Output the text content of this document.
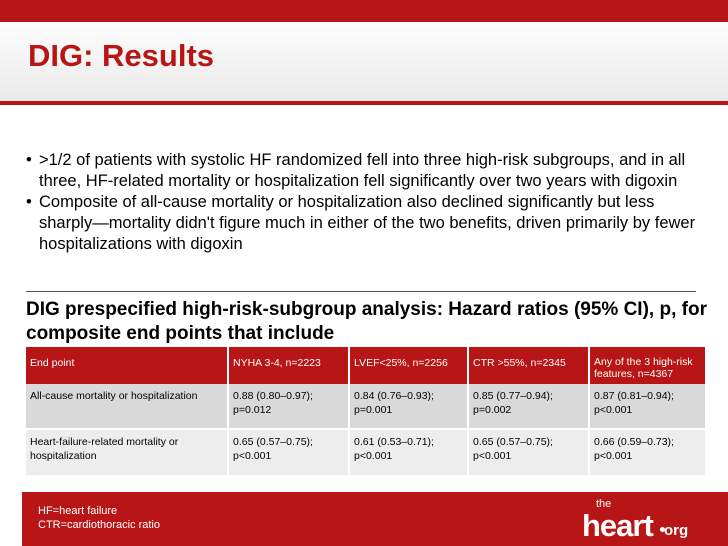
DIG: Results
• >1/2 of patients with systolic HF randomized fell into three high-risk subgroups, and in all three, HF-related mortality or hospitalization fell significantly over two years with digoxin
• Composite of all-cause mortality or hospitalization also declined significantly but less sharply—mortality didn't figure much in either of the two benefits, driven primarily by fewer hospitalizations with digoxin
DIG prespecified high-risk-subgroup analysis: Hazard ratios (95% CI), p, for composite end points that include
End point	NYHA 3-4, n=2223	LVEF<25%, n=2256	CTR >55%, n=2345	Any of the 3 high-risk features, n=4367
All-cause mortality or hospitalization	0.88 (0.80–0.97); p=0.012	0.84 (0.76–0.93); p=0.001	0.85 (0.77–0.94); p=0.002	0.87 (0.81–0.94); p<0.001
Heart-failure-related mortality or hospitalization	0.65 (0.57–0.75); p<0.001	0.61 (0.53–0.71); p<0.001	0.65 (0.57–0.75); p<0.001	0.66 (0.59–0.73); p<0.001
HF=heart failure
CTR=cardiothoracic ratio
the
heart org
